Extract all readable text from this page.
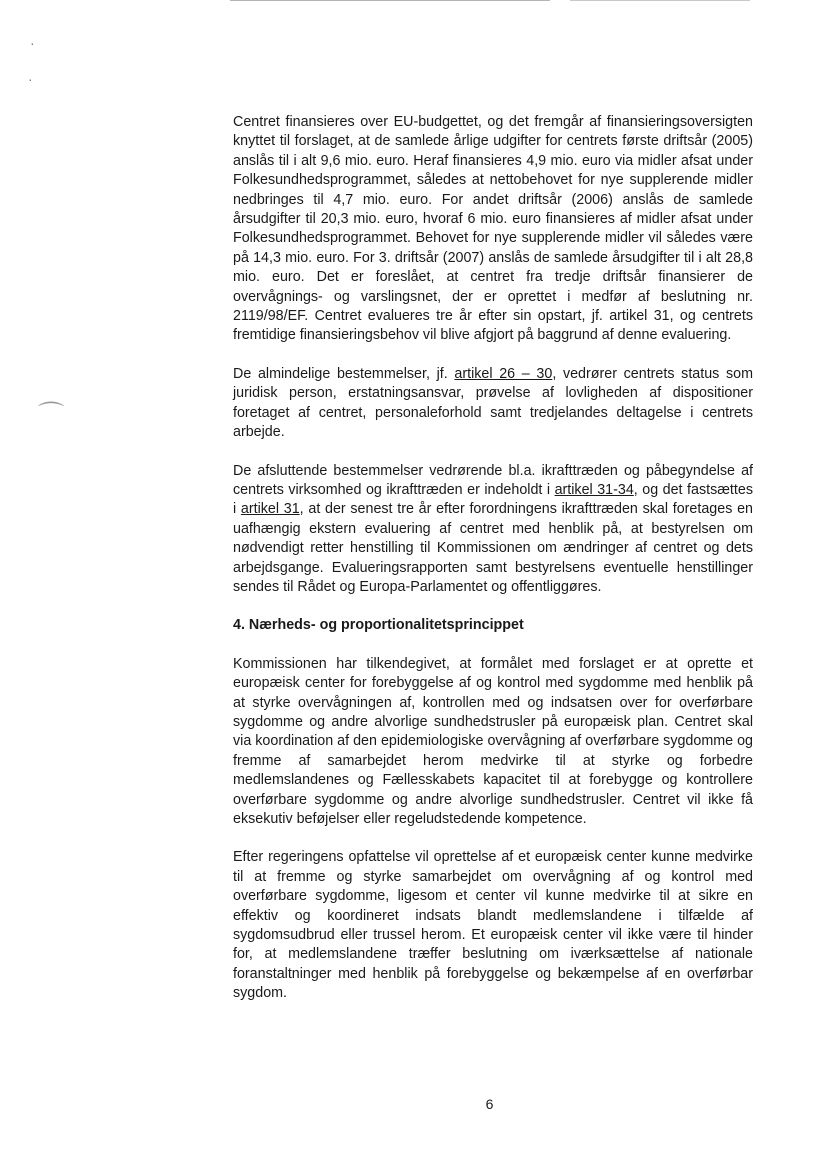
·
·
⌒

Centret finansieres over EU-budgettet, og det fremgår af finansieringsoversigten knyttet til forslaget, at de samlede årlige udgifter for centrets første driftsår (2005) anslås til i alt 9,6 mio. euro. Heraf finansieres 4,9 mio. euro via midler afsat under Folkesundhedsprogrammet, således at nettobehovet for nye supplerende midler nedbringes til 4,7 mio. euro. For andet driftsår (2006) anslås de samlede årsudgifter til 20,3 mio. euro, hvoraf 6 mio. euro finansieres af midler afsat under Folkesundhedsprogrammet. Behovet for nye supplerende midler vil således være på 14,3 mio. euro. For 3. driftsår (2007) anslås de samlede årsudgifter til i alt 28,8 mio. euro. Det er foreslået, at centret fra tredje driftsår finansierer de overvågnings- og varslingsnet, der er oprettet i medfør af beslutning nr. 2119/98/EF. Centret evalueres tre år efter sin opstart, jf. artikel 31, og centrets fremtidige finansieringsbehov vil blive afgjort på baggrund af denne evaluering.

De almindelige bestemmelser, jf. artikel 26 – 30, vedrører centrets status som juridisk person, erstatningsansvar, prøvelse af lovligheden af dispositioner foretaget af centret, personaleforhold samt tredjelandes deltagelse i centrets arbejde.

De afsluttende bestemmelser vedrørende bl.a. ikrafttræden og påbegyndelse af centrets virksomhed og ikrafttræden er indeholdt i artikel 31-34, og det fastsættes i artikel 31, at der senest tre år efter forordningens ikrafttræden skal foretages en uafhængig ekstern evaluering af centret med henblik på, at bestyrelsen om nødvendigt retter henstilling til Kommissionen om ændringer af centret og dets arbejdsgange. Evalueringsrapporten samt bestyrelsens eventuelle henstillinger sendes til Rådet og Europa-Parlamentet og offentliggøres.

4. Nærheds- og proportionalitetsprincippet

Kommissionen har tilkendegivet, at formålet med forslaget er at oprette et europæisk center for forebyggelse af og kontrol med sygdomme med henblik på at styrke overvågningen af, kontrollen med og indsatsen over for overførbare sygdomme og andre alvorlige sundhedstrusler på europæisk plan. Centret skal via koordination af den epidemiologiske overvågning af overførbare sygdomme og fremme af samarbejdet herom medvirke til at styrke og forbedre medlemslandenes og Fællesskabets kapacitet til at forebygge og kontrollere overførbare sygdomme og andre alvorlige sundhedstrusler. Centret vil ikke få eksekutiv beføjelser eller regeludstedende kompetence.

Efter regeringens opfattelse vil oprettelse af et europæisk center kunne medvirke til at fremme og styrke samarbejdet om overvågning af og kontrol med overførbare sygdomme, ligesom et center vil kunne medvirke til at sikre en effektiv og koordineret indsats blandt medlemslandene i tilfælde af sygdomsudbrud eller trussel herom. Et europæisk center vil ikke være til hinder for, at medlemslandene træffer beslutning om iværksættelse af nationale foranstaltninger med henblik på forebyggelse og bekæmpelse af en overførbar sygdom.

6
